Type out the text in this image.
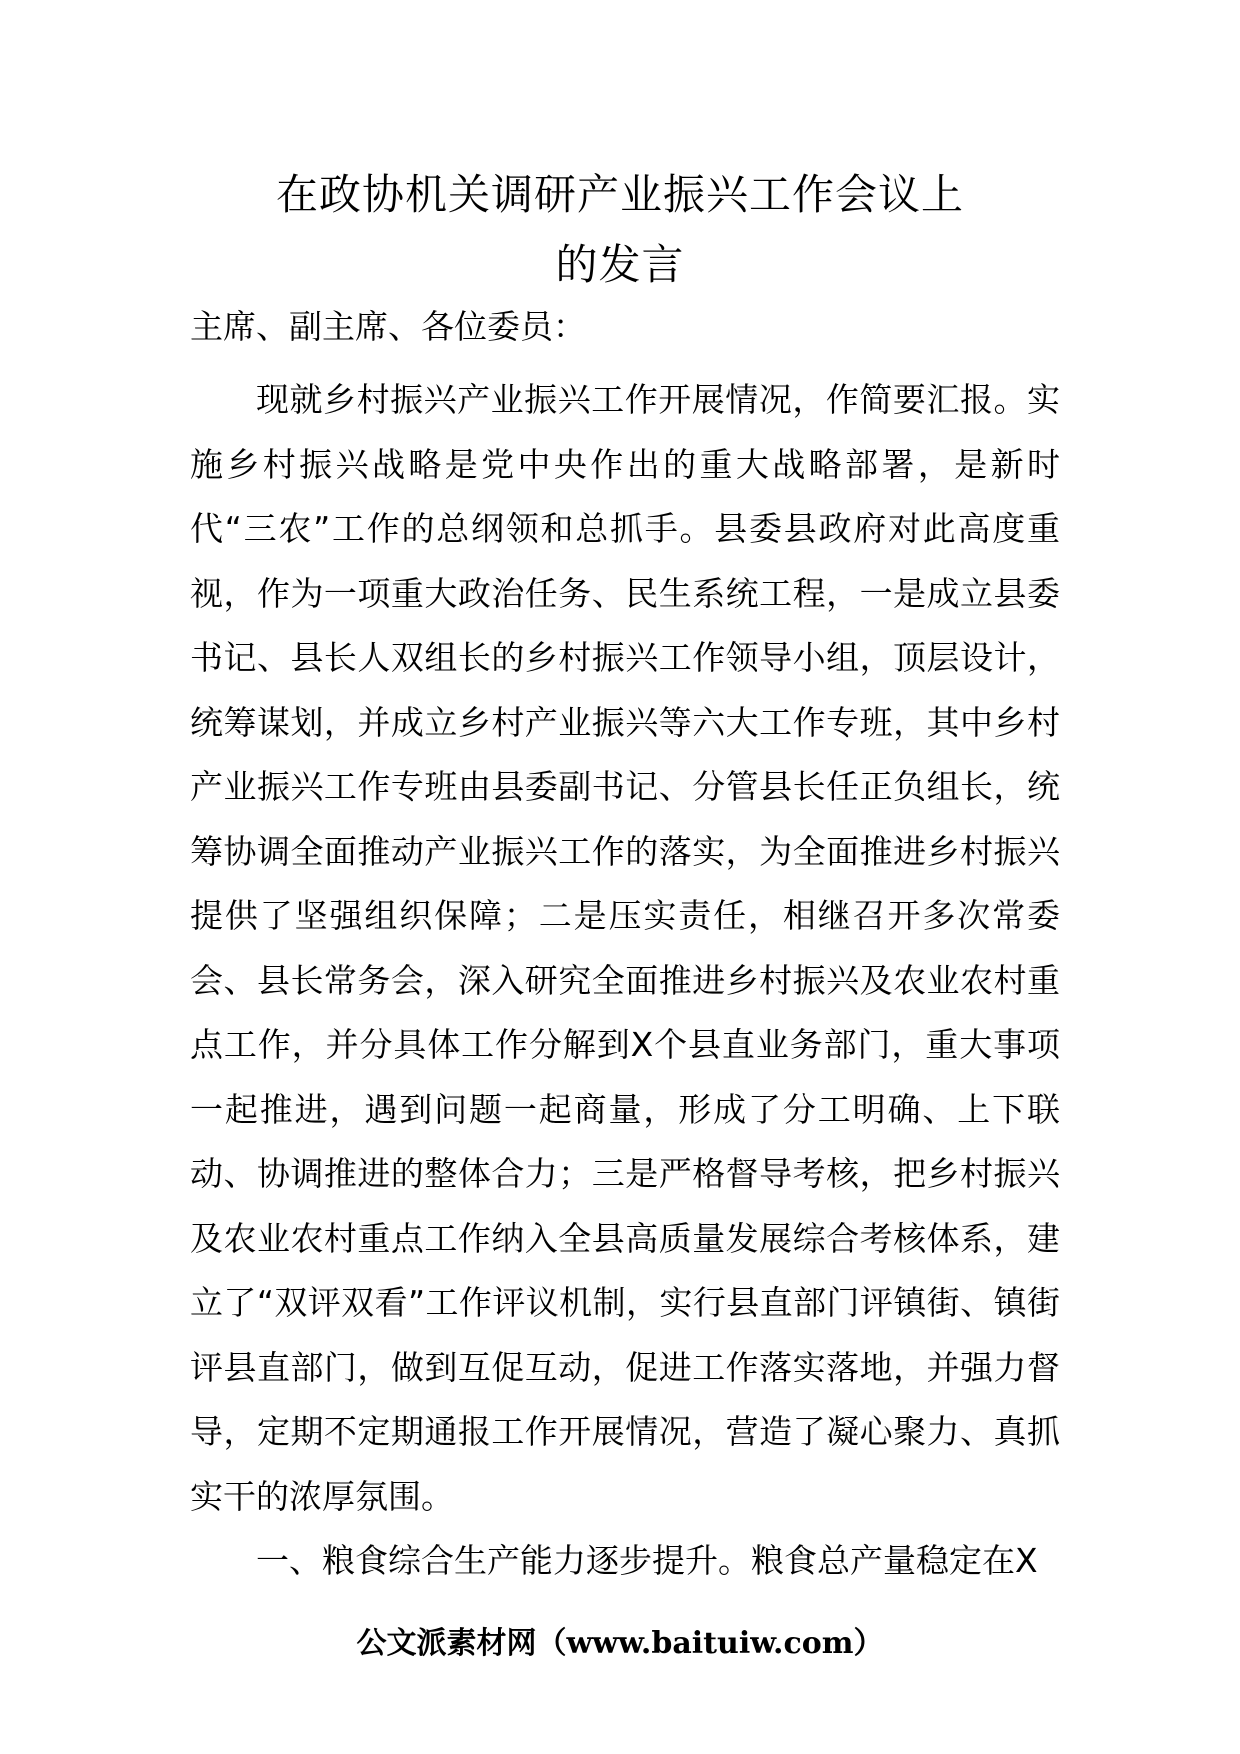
在政协机关调研产业振兴工作会议上
的发言
主席、副主席、各位委员：

现就乡村振兴产业振兴工作开展情况，作简要汇报。实施乡村振兴战略是党中央作出的重大战略部署，是新时代“三农”工作的总纲领和总抓手。县委县政府对此高度重视，作为一项重大政治任务、民生系统工程，一是成立县委书记、县长人双组长的乡村振兴工作领导小组，顶层设计，统筹谋划，并成立乡村产业振兴等六大工作专班，其中乡村产业振兴工作专班由县委副书记、分管县长任正负组长，统筹协调全面推动产业振兴工作的落实，为全面推进乡村振兴提供了坚强组织保障；二是压实责任，相继召开多次常委会、县长常务会，深入研究全面推进乡村振兴及农业农村重点工作，并分具体工作分解到X个县直业务部门，重大事项一起推进，遇到问题一起商量，形成了分工明确、上下联动、协调推进的整体合力；三是严格督导考核，把乡村振兴及农业农村重点工作纳入全县高质量发展综合考核体系，建立了“双评双看”工作评议机制，实行县直部门评镇街、镇街评县直部门，做到互促互动，促进工作落实落地，并强力督导，定期不定期通报工作开展情况，营造了凝心聚力、真抓实干的浓厚氛围。

一、粮食综合生产能力逐步提升。粮食总产量稳定在X

公文派素材网（www.baituiw.com）
